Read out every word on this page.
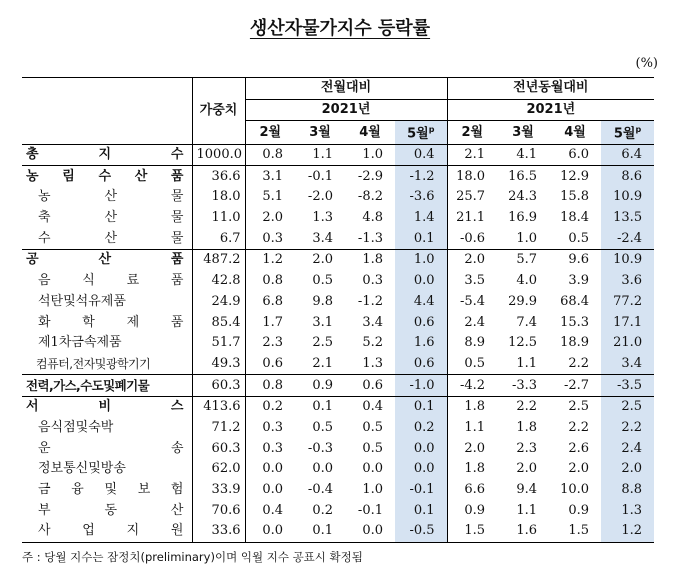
생산자물가지수 등락률
(%)
	가중치	전월대비				전년동월대비			
		2021년				2021년			
		2월	3월	4월	5월$^p$	2월	3월	4월	5월$^p$

총 지 수	1000.0	0.8	1.1	1.0	0.4	2.1	4.1	6.0	6.4

농 림 수 산 품	36.6	3.1	-0.1	-2.9	-1.2	18.0	16.5	12.9	8.6

농 산 물	18.0	5.1	-2.0	-8.2	-3.6	25.7	24.3	15.8	10.9

축 산 물	11.0	2.0	1.3	4.8	1.4	21.1	16.9	18.4	13.5

수 산 물	6.7	0.3	3.4	-1.3	0.1	-0.6	1.0	0.5	-2.4

공 산 품	487.2	1.2	2.0	1.8	1.0	2.0	5.7	9.6	10.9

음 식 료 품	42.8	0.8	0.5	0.3	0.0	3.5	4.0	3.9	3.6

석탄및석유제품	24.9	6.8	9.8	-1.2	4.4	-5.4	29.9	68.4	77.2

화 학 제 품	85.4	1.7	3.1	3.4	0.6	2.4	7.4	15.3	17.1

제1차금속제품	51.7	2.3	2.5	5.2	1.6	8.9	12.5	18.9	21.0

컴퓨터,전자및광학기기	49.3	0.6	2.1	1.3	0.6	0.5	1.1	2.2	3.4

전력,가스,수도및폐기물	60.3	0.8	0.9	0.6	-1.0	-4.2	-3.3	-2.7	-3.5

서 비 스	413.6	0.2	0.1	0.4	0.1	1.8	2.2	2.5	2.5

음식점및숙박	71.2	0.3	0.5	0.5	0.2	1.1	1.8	2.2	2.2

운 송	60.3	0.3	-0.3	0.5	0.0	2.0	2.3	2.6	2.4

정보통신및방송	62.0	0.0	0.0	0.0	0.0	1.8	2.0	2.0	2.0

금 융 및 보 험	33.9	0.0	-0.4	1.0	-0.1	6.6	9.4	10.0	8.8

부 동 산	70.6	0.4	0.2	-0.1	0.1	0.9	1.1	0.9	1.3

사 업 지 원	33.6	0.0	0.1	0.0	-0.5	1.5	1.6	1.5	1.2
주 : 당월 지수는 잠정치(preliminary)이며 익월 지수 공표시 확정됨
